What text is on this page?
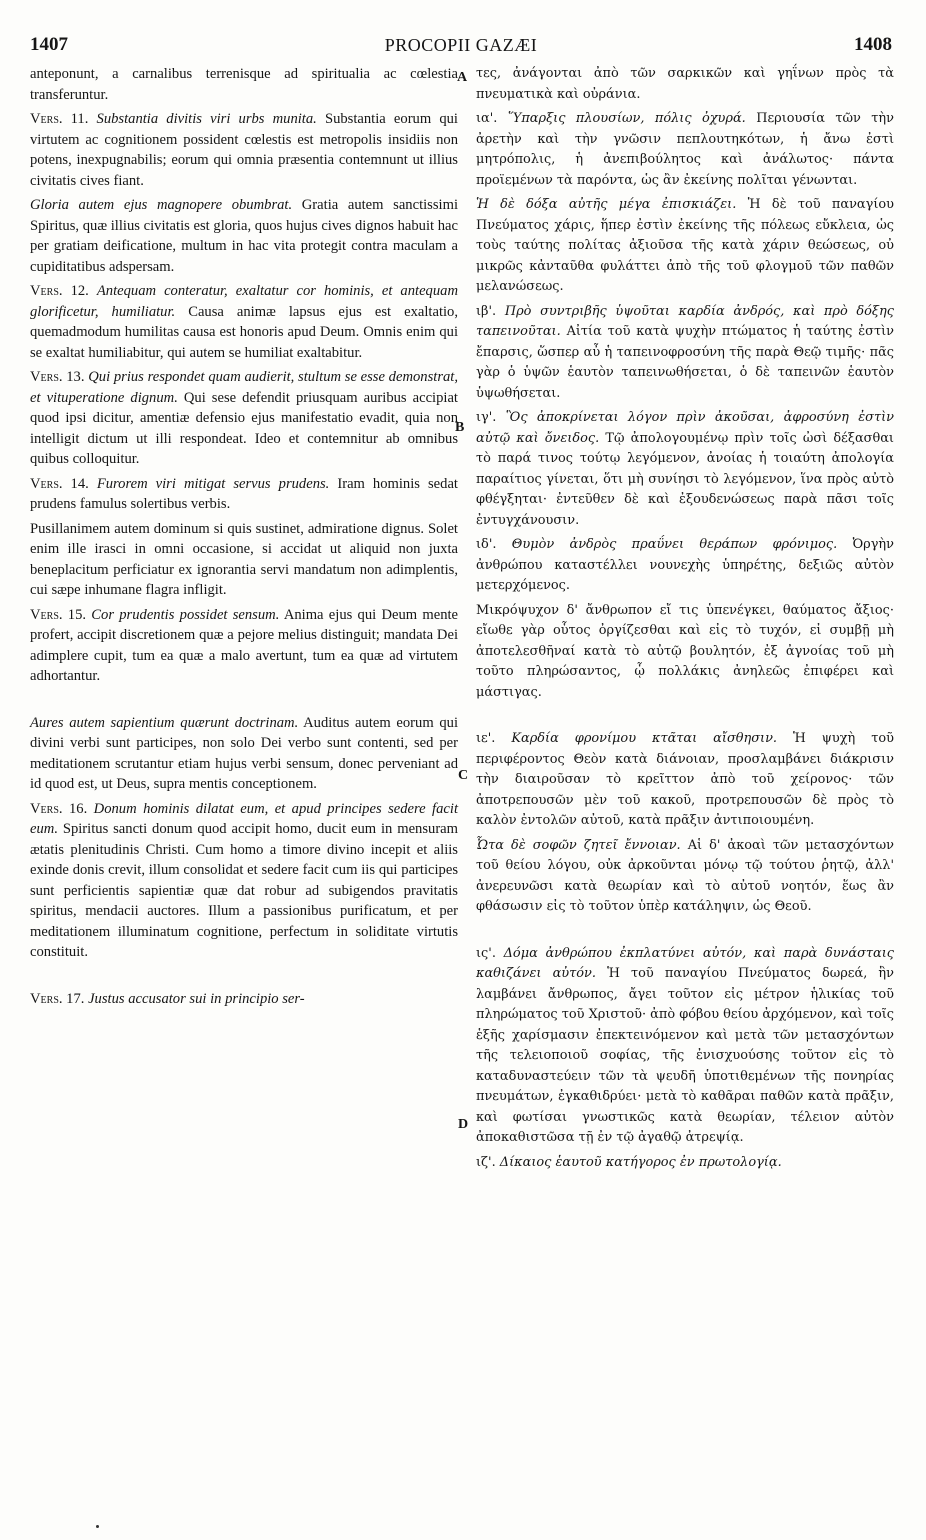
1407	PROCOPII GAZÆI	1408

anteponunt, a carnalibus terrenisque ad spiritualia ac cœlestia transferuntur.

Vers. 11. Substantia divitis viri urbs munita. Substantia eorum qui virtutem ac cognitionem possident cœlestis est metropolis insidiis non potens, inexpugnabilis; eorum qui omnia præsentia contemnunt ut illius civitatis cives fiant.

Gloria autem ejus magnopere obumbrat. Gratia autem sanctissimi Spiritus, quæ illius civitatis est gloria, quos hujus cives dignos habuit hac per gratiam deificatione, multum in hac vita protegit contra maculam a cupiditatibus adspersam.

Vers. 12. Antequam conteratur, exaltatur cor hominis, et antequam glorificetur, humiliatur. Causa animæ lapsus ejus est exaltatio, quemadmodum humilitas causa est honoris apud Deum. Omnis enim qui se exaltat humiliabitur, qui autem se humiliat exaltabitur.

Vers. 13. Qui prius respondet quam audierit, stultum se esse demonstrat, et vituperatione dignum. Qui sese defendit priusquam auribus accipiat quod ipsi dicitur, amentiæ defensio ejus manifestatio evadit, quia non intelligit dictum ut illi respondeat. Ideo et contemnitur ab omnibus quibus colloquitur.

Vers. 14. Furorem viri mitigat servus prudens. Iram hominis sedat prudens famulus solertibus verbis.

Pusillanimem autem dominum si quis sustinet, admiratione dignus. Solet enim ille irasci in omni occasione, si accidat ut aliquid non juxta beneplacitum perficiatur ex ignorantia servi mandatum non adimplentis, cui sæpe inhumane flagra infligit.

Vers. 15. Cor prudentis possidet sensum. Anima ejus qui Deum mente profert, accipit discretionem quæ a pejore melius distinguit; mandata Dei adimplere cupit, tum ea quæ a malo avertunt, tum ea quæ ad virtutem adhortantur.

Aures autem sapientium quærunt doctrinam. Auditus autem eorum qui divini verbi sunt participes, non solo Dei verbo sunt contenti, sed per meditationem scrutantur etiam hujus verbi sensum, donec perveniant ad id quod est, ut Deus, supra mentis conceptionem.

Vers. 16. Donum hominis dilatat eum, et apud principes sedere facit eum. Spiritus sancti donum quod accipit homo, ducit eum in mensuram ætatis plenitudinis Christi. Cum homo a timore divino incepit et aliis exinde donis crevit, illum consolidat et sedere facit cum iis qui participes sunt perficientis sapientiæ quæ dat robur ad subigendos pravitatis spiritus, mendacii auctores. Illum a passionibus purificatum, et per meditationem illuminatum cognitione, perfectum in soliditate virtutis constituit.

Vers. 17. Justus accusator sui in principio ser-

τες, ἀνάγονται ἀπὸ τῶν σαρκικῶν καὶ γηΐνων πρὸς τὰ πνευματικὰ καὶ οὐράνια.

ια'. Ὕπαρξις πλουσίων, πόλις ὀχυρά. Περιουσία τῶν τὴν ἀρετὴν καὶ τὴν γνῶσιν πεπλουτηκότων, ἡ ἄνω ἐστὶ μητρόπολις, ἡ ἀνεπιβούλητος καὶ ἀνάλωτος· πάντα προϊεμένων τὰ παρόντα, ὡς ἂν ἐκείνης πολῖται γένωνται.

Ἡ δὲ δόξα αὐτῆς μέγα ἐπισκιάζει. Ἡ δὲ τοῦ παναγίου Πνεύματος χάρις, ἥπερ ἐστὶν ἐκείνης τῆς πόλεως εὔκλεια, ὡς τοὺς ταύτης πολίτας ἀξιοῦσα τῆς κατὰ χάριν θεώσεως, οὐ μικρῶς κἀνταῦθα φυλάττει ἀπὸ τῆς τοῦ φλογμοῦ τῶν παθῶν μελανώσεως.

ιβ'. Πρὸ συντριβῆς ὑψοῦται καρδία ἀνδρός, καὶ πρὸ δόξης ταπεινοῦται. Αἰτία τοῦ κατὰ ψυχὴν πτώματος ἡ ταύτης ἐστὶν ἔπαρσις, ὥσπερ αὖ ἡ ταπεινοφροσύνη τῆς παρὰ Θεῷ τιμῆς· πᾶς γὰρ ὁ ὑψῶν ἑαυτὸν ταπεινωθήσεται, ὁ δὲ ταπεινῶν ἑαυτὸν ὑψωθήσεται.

ιγ'. Ὃς ἀποκρίνεται λόγον πρὶν ἀκοῦσαι, ἀφροσύνη ἐστὶν αὐτῷ καὶ ὄνειδος. Τῷ ἀπολογουμένῳ πρὶν τοῖς ὠσὶ δέξασθαι τὸ παρά τινος τούτῳ λεγόμενον, ἀνοίας ἡ τοιαύτη ἀπολογία παραίτιος γίνεται, ὅτι μὴ συνίησι τὸ λεγόμενον, ἵνα πρὸς αὐτὸ φθέγξηται· ἐντεῦθεν δὲ καὶ ἐξουδενώσεως παρὰ πᾶσι τοῖς ἐντυγχάνουσιν.

ιδ'. Θυμὸν ἀνδρὸς πραΰνει θεράπων φρόνιμος. Ὀργὴν ἀνθρώπου καταστέλλει νουνεχὴς ὑπηρέτης, δεξιῶς αὐτὸν μετερχόμενος.

Μικρόψυχον δ' ἄνθρωπον εἴ τις ὑπενέγκει, θαύματος ἄξιος· εἴωθε γὰρ οὗτος ὀργίζεσθαι καὶ εἰς τὸ τυχόν, εἰ συμβῇ μὴ ἀποτελεσθῆναί κατὰ τὸ αὐτῷ βουλητόν, ἐξ ἀγνοίας τοῦ μὴ τοῦτο πληρώσαντος, ᾧ πολλάκις ἀνηλεῶς ἐπιφέρει καὶ μάστιγας.

ιε'. Καρδία φρονίμου κτᾶται αἴσθησιν. Ἡ ψυχὴ τοῦ περιφέροντος Θεὸν κατὰ διάνοιαν, προσλαμβάνει διάκρισιν τὴν διαιροῦσαν τὸ κρεῖττον ἀπὸ τοῦ χείρονος· τῶν ἀποτρεπουσῶν μὲν τοῦ κακοῦ, προτρεπουσῶν δὲ πρὸς τὸ καλὸν ἐντολῶν αὐτοῦ, κατὰ πρᾶξιν ἀντιποιουμένη.

Ὦτα δὲ σοφῶν ζητεῖ ἔννοιαν. Αἱ δ' ἀκοαὶ τῶν μετασχόντων τοῦ θείου λόγου, οὐκ ἀρκοῦνται μόνῳ τῷ τούτου ῥητῷ, ἀλλ' ἀνερευνῶσι κατὰ θεωρίαν καὶ τὸ αὐτοῦ νοητόν, ἕως ἂν φθάσωσιν εἰς τὸ τοῦτον ὑπὲρ κατάληψιν, ὡς Θεοῦ.

ις'. Δόμα ἀνθρώπου ἐκπλατύνει αὐτόν, καὶ παρὰ δυνάσταις καθιζάνει αὐτόν. Ἡ τοῦ παναγίου Πνεύματος δωρεά, ἣν λαμβάνει ἄνθρωπος, ἄγει τοῦτον εἰς μέτρον ἡλικίας τοῦ πληρώματος τοῦ Χριστοῦ· ἀπὸ φόβου θείου ἀρχόμενον, καὶ τοῖς ἑξῆς χαρίσμασιν ἐπεκτεινόμενον καὶ μετὰ τῶν μετασχόντων τῆς τελειοποιοῦ σοφίας, τῆς ἐνισχυούσης τοῦτον εἰς τὸ καταδυναστεύειν τῶν τὰ ψευδῆ ὑποτιθεμένων τῆς πονηρίας πνευμάτων, ἐγκαθιδρύει· μετὰ τὸ καθᾶραι παθῶν κατὰ πρᾶξιν, καὶ φωτίσαι γνωστικῶς κατὰ θεωρίαν, τέλειον αὐτὸν ἀποκαθιστῶσα τῇ ἐν τῷ ἀγαθῷ ἀτρεψίᾳ.

ιζ'. Δίκαιος ἑαυτοῦ κατήγορος ἐν πρωτολογίᾳ.

A
B
C
D
